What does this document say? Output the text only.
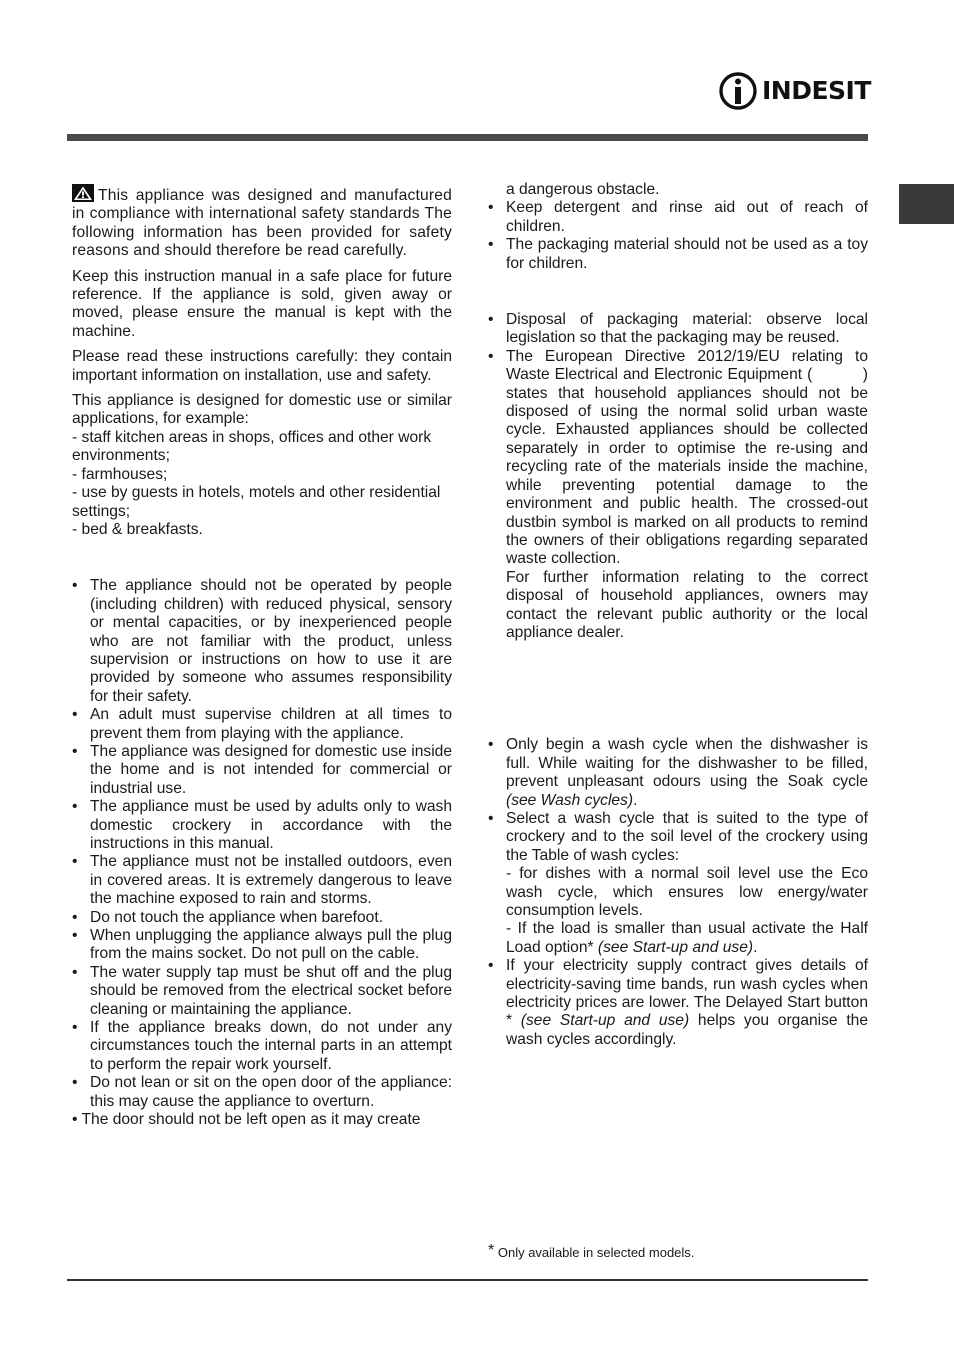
INDESIT

This appliance was designed and manufactured in compliance with international safety standards The following information has been provided for safety reasons and should therefore be read carefully.

Keep this instruction manual in a safe place for future reference. If the appliance is sold, given away or moved, please ensure the manual is kept with the machine.

Please read these instructions carefully: they contain important information on installation, use and safety.

This appliance is designed for domestic use or similar applications, for example:

- staff kitchen areas in shops, offices and other work environments;
- farmhouses;
- use by guests in hotels, motels and other residential settings;
- bed & breakfasts.
• The appliance should not be operated by people (including children) with reduced physical, sensory or mental capacities, or by inexperienced people who are not familiar with the product, unless supervision or instructions on how to use it are provided by someone who assumes responsibility for their safety.
• An adult must supervise children at all times to prevent them from playing with the appliance.
• The appliance was designed for domestic use inside the home and is not intended for commercial or industrial use.
• The appliance must be used by adults only to wash domestic crockery in accordance with the instructions in this manual.
• The appliance must not be installed outdoors, even in covered areas. It is extremely dangerous to leave the machine exposed to rain and storms.
• Do not touch the appliance when barefoot.
• When unplugging the appliance always pull the plug from the mains socket. Do not pull on the cable.
• The water supply tap must be shut off and the plug should be removed from the electrical socket before cleaning or maintaining the appliance.
• If the appliance breaks down, do not under any circumstances touch the internal parts in an attempt to perform the repair work yourself.
• Do not lean or sit on the open door of the appliance: this may cause the appliance to overturn.

• The door should not be left open as it may create

a dangerous obstacle.
• Keep detergent and rinse aid out of reach of children.
• The packaging material should not be used as a toy for children.
• Disposal of packaging material: observe local legislation so that the packaging may be reused.
• The European Directive 2012/19/EU relating to Waste Electrical and Electronic Equipment (          ) states that household appliances should not be disposed of using the normal solid urban waste cycle. Exhausted appliances should be collected separately in order to optimise the re-using and recycling rate of the materials inside the machine, while preventing potential damage to the environment and public health. The crossed-out dustbin symbol is marked on all products to remind the owners of their obligations regarding separated waste collection.
For further information relating to the correct disposal of household appliances, owners may contact the relevant public authority or the local appliance dealer.
• Only begin a wash cycle when the dishwasher is full. While waiting for the dishwasher to be filled, prevent unpleasant odours using the Soak cycle (see Wash cycles).
• Select a wash cycle that is suited to the type of crockery and to the soil level of the crockery using the Table of wash cycles:
- for dishes with a normal soil level use the Eco wash cycle, which ensures low energy/water consumption levels.
- If the load is smaller than usual activate the Half Load option* (see Start-up and use).
• If your electricity supply contract gives details of electricity-saving time bands, run wash cycles when electricity prices are lower. The Delayed Start button * (see Start-up and use) helps you organise the wash cycles accordingly.
* Only available in selected models.
